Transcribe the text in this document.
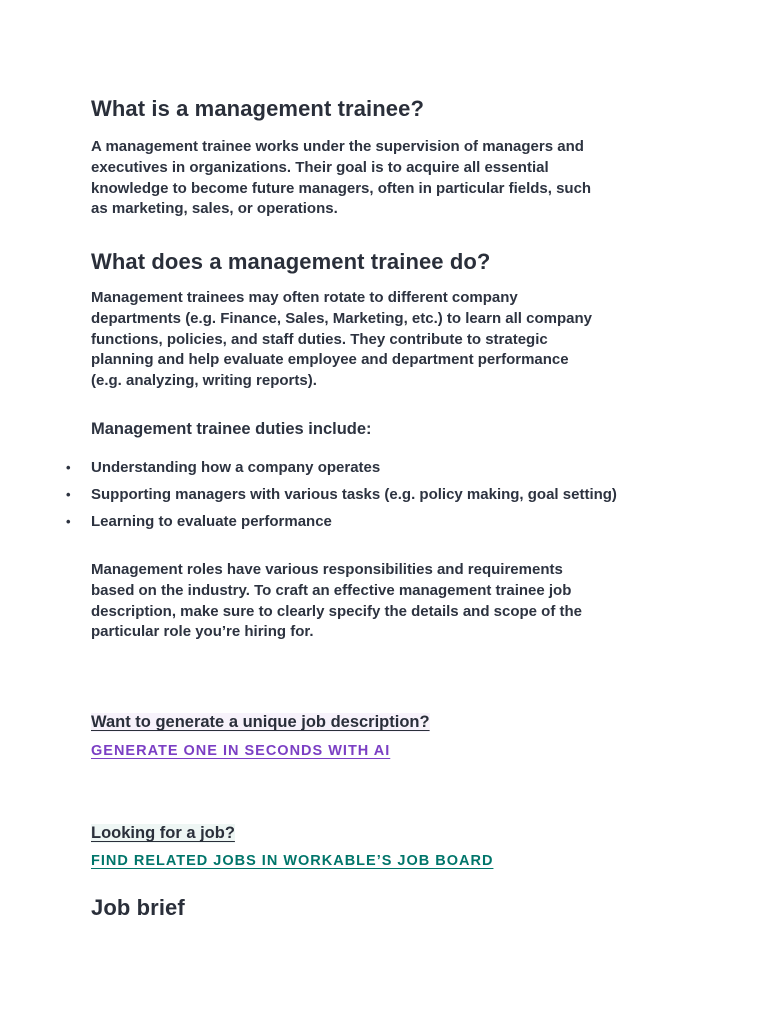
What is a management trainee?
A management trainee works under the supervision of managers and
executives in organizations. Their goal is to acquire all essential
knowledge to become future managers, often in particular fields, such
as marketing, sales, or operations.
What does a management trainee do?
Management trainees may often rotate to different company
departments (e.g. Finance, Sales, Marketing, etc.) to learn all company
functions, policies, and staff duties. They contribute to strategic
planning and help evaluate employee and department performance
(e.g. analyzing, writing reports).
Management trainee duties include:
• Understanding how a company operates
• Supporting managers with various tasks (e.g. policy making, goal setting)
• Learning to evaluate performance
Management roles have various responsibilities and requirements
based on the industry. To craft an effective management trainee job
description, make sure to clearly specify the details and scope of the
particular role you’re hiring for.
Want to generate a unique job description?
GENERATE ONE IN SECONDS WITH AI
Looking for a job?
FIND RELATED JOBS IN WORKABLE’S JOB BOARD
Job brief
